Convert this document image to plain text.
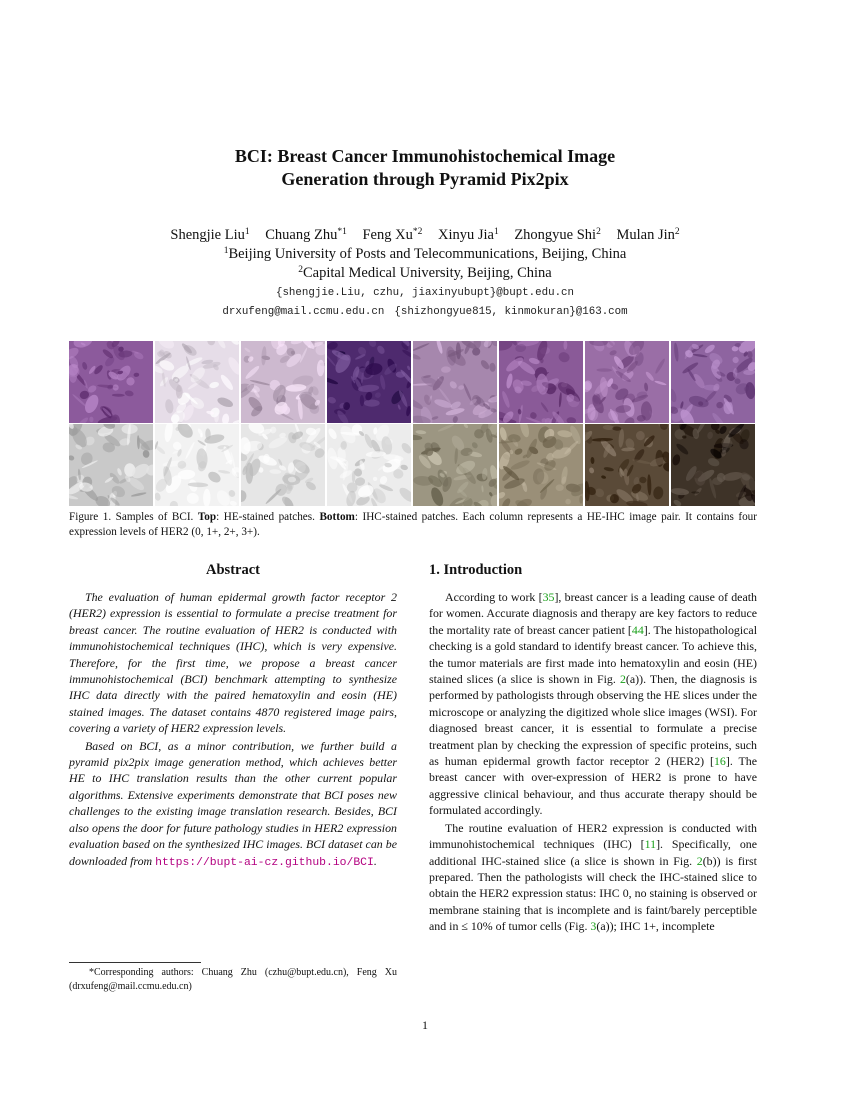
BCI: Breast Cancer Immunohistochemical Image
Generation through Pyramid Pix2pix
Shengjie Liu$^1$ Chuang Zhu$^{*1}$ Feng Xu$^{*2}$ Xinyu Jia$^1$ Zhongyue Shi$^2$ Mulan Jin$^2$
$^1$Beijing University of Posts and Telecommunications, Beijing, China
$^2$Capital Medical University, Beijing, China
{shengjie.Liu, czhu, jiaxinyubupt}@bupt.edu.cn
drxufeng@mail.ccmu.edu.cn {shizhongyue815, kinmokuran}@163.com
Figure 1. Samples of BCI. Top: HE-stained patches. Bottom: IHC-stained patches. Each column represents a HE-IHC image pair. It contains four expression levels of HER2 (0, 1+, 2+, 3+).
Abstract

The evaluation of human epidermal growth factor receptor 2 (HER2) expression is essential to formulate a precise treatment for breast cancer. The routine evaluation of HER2 is conducted with immunohistochemical techniques (IHC), which is very expensive. Therefore, for the first time, we propose a breast cancer immunohistochemical (BCI) benchmark attempting to synthesize IHC data directly with the paired hematoxylin and eosin (HE) stained images. The dataset contains 4870 registered image pairs, covering a variety of HER2 expression levels.

Based on BCI, as a minor contribution, we further build a pyramid pix2pix image generation method, which achieves better HE to IHC translation results than the other current popular algorithms. Extensive experiments demonstrate that BCI poses new challenges to the existing image translation research. Besides, BCI also opens the door for future pathology studies in HER2 expression evaluation based on the synthesized IHC images. BCI dataset can be downloaded from https://bupt-ai-cz.github.io/BCI.

*Corresponding authors: Chuang Zhu (czhu@bupt.edu.cn), Feng Xu (drxufeng@mail.ccmu.edu.cn)
1. Introduction

According to work [35], breast cancer is a leading cause of death for women. Accurate diagnosis and therapy are key factors to reduce the mortality rate of breast cancer patient [44]. The histopathological checking is a gold standard to identify breast cancer. To achieve this, the tumor materials are first made into hematoxylin and eosin (HE) stained slices (a slice is shown in Fig. 2(a)). Then, the diagnosis is performed by pathologists through observing the HE slices under the microscope or analyzing the digitized whole slice images (WSI). For diagnosed breast cancer, it is essential to formulate a precise treatment plan by checking the expression of specific proteins, such as human epidermal growth factor receptor 2 (HER2) [16]. The breast cancer with over-expression of HER2 is prone to have aggressive clinical behaviour, and thus accurate therapy should be formulated accordingly.

The routine evaluation of HER2 expression is conducted with immunohistochemical techniques (IHC) [11]. Specifically, one additional IHC-stained slice (a slice is shown in Fig. 2(b)) is first prepared. Then the pathologists will check the IHC-stained slice to obtain the HER2 expression status: IHC 0, no staining is observed or membrane staining that is incomplete and is faint/barely perceptible and in ≤ 10% of tumor cells (Fig. 3(a)); IHC 1+, incomplete

1
